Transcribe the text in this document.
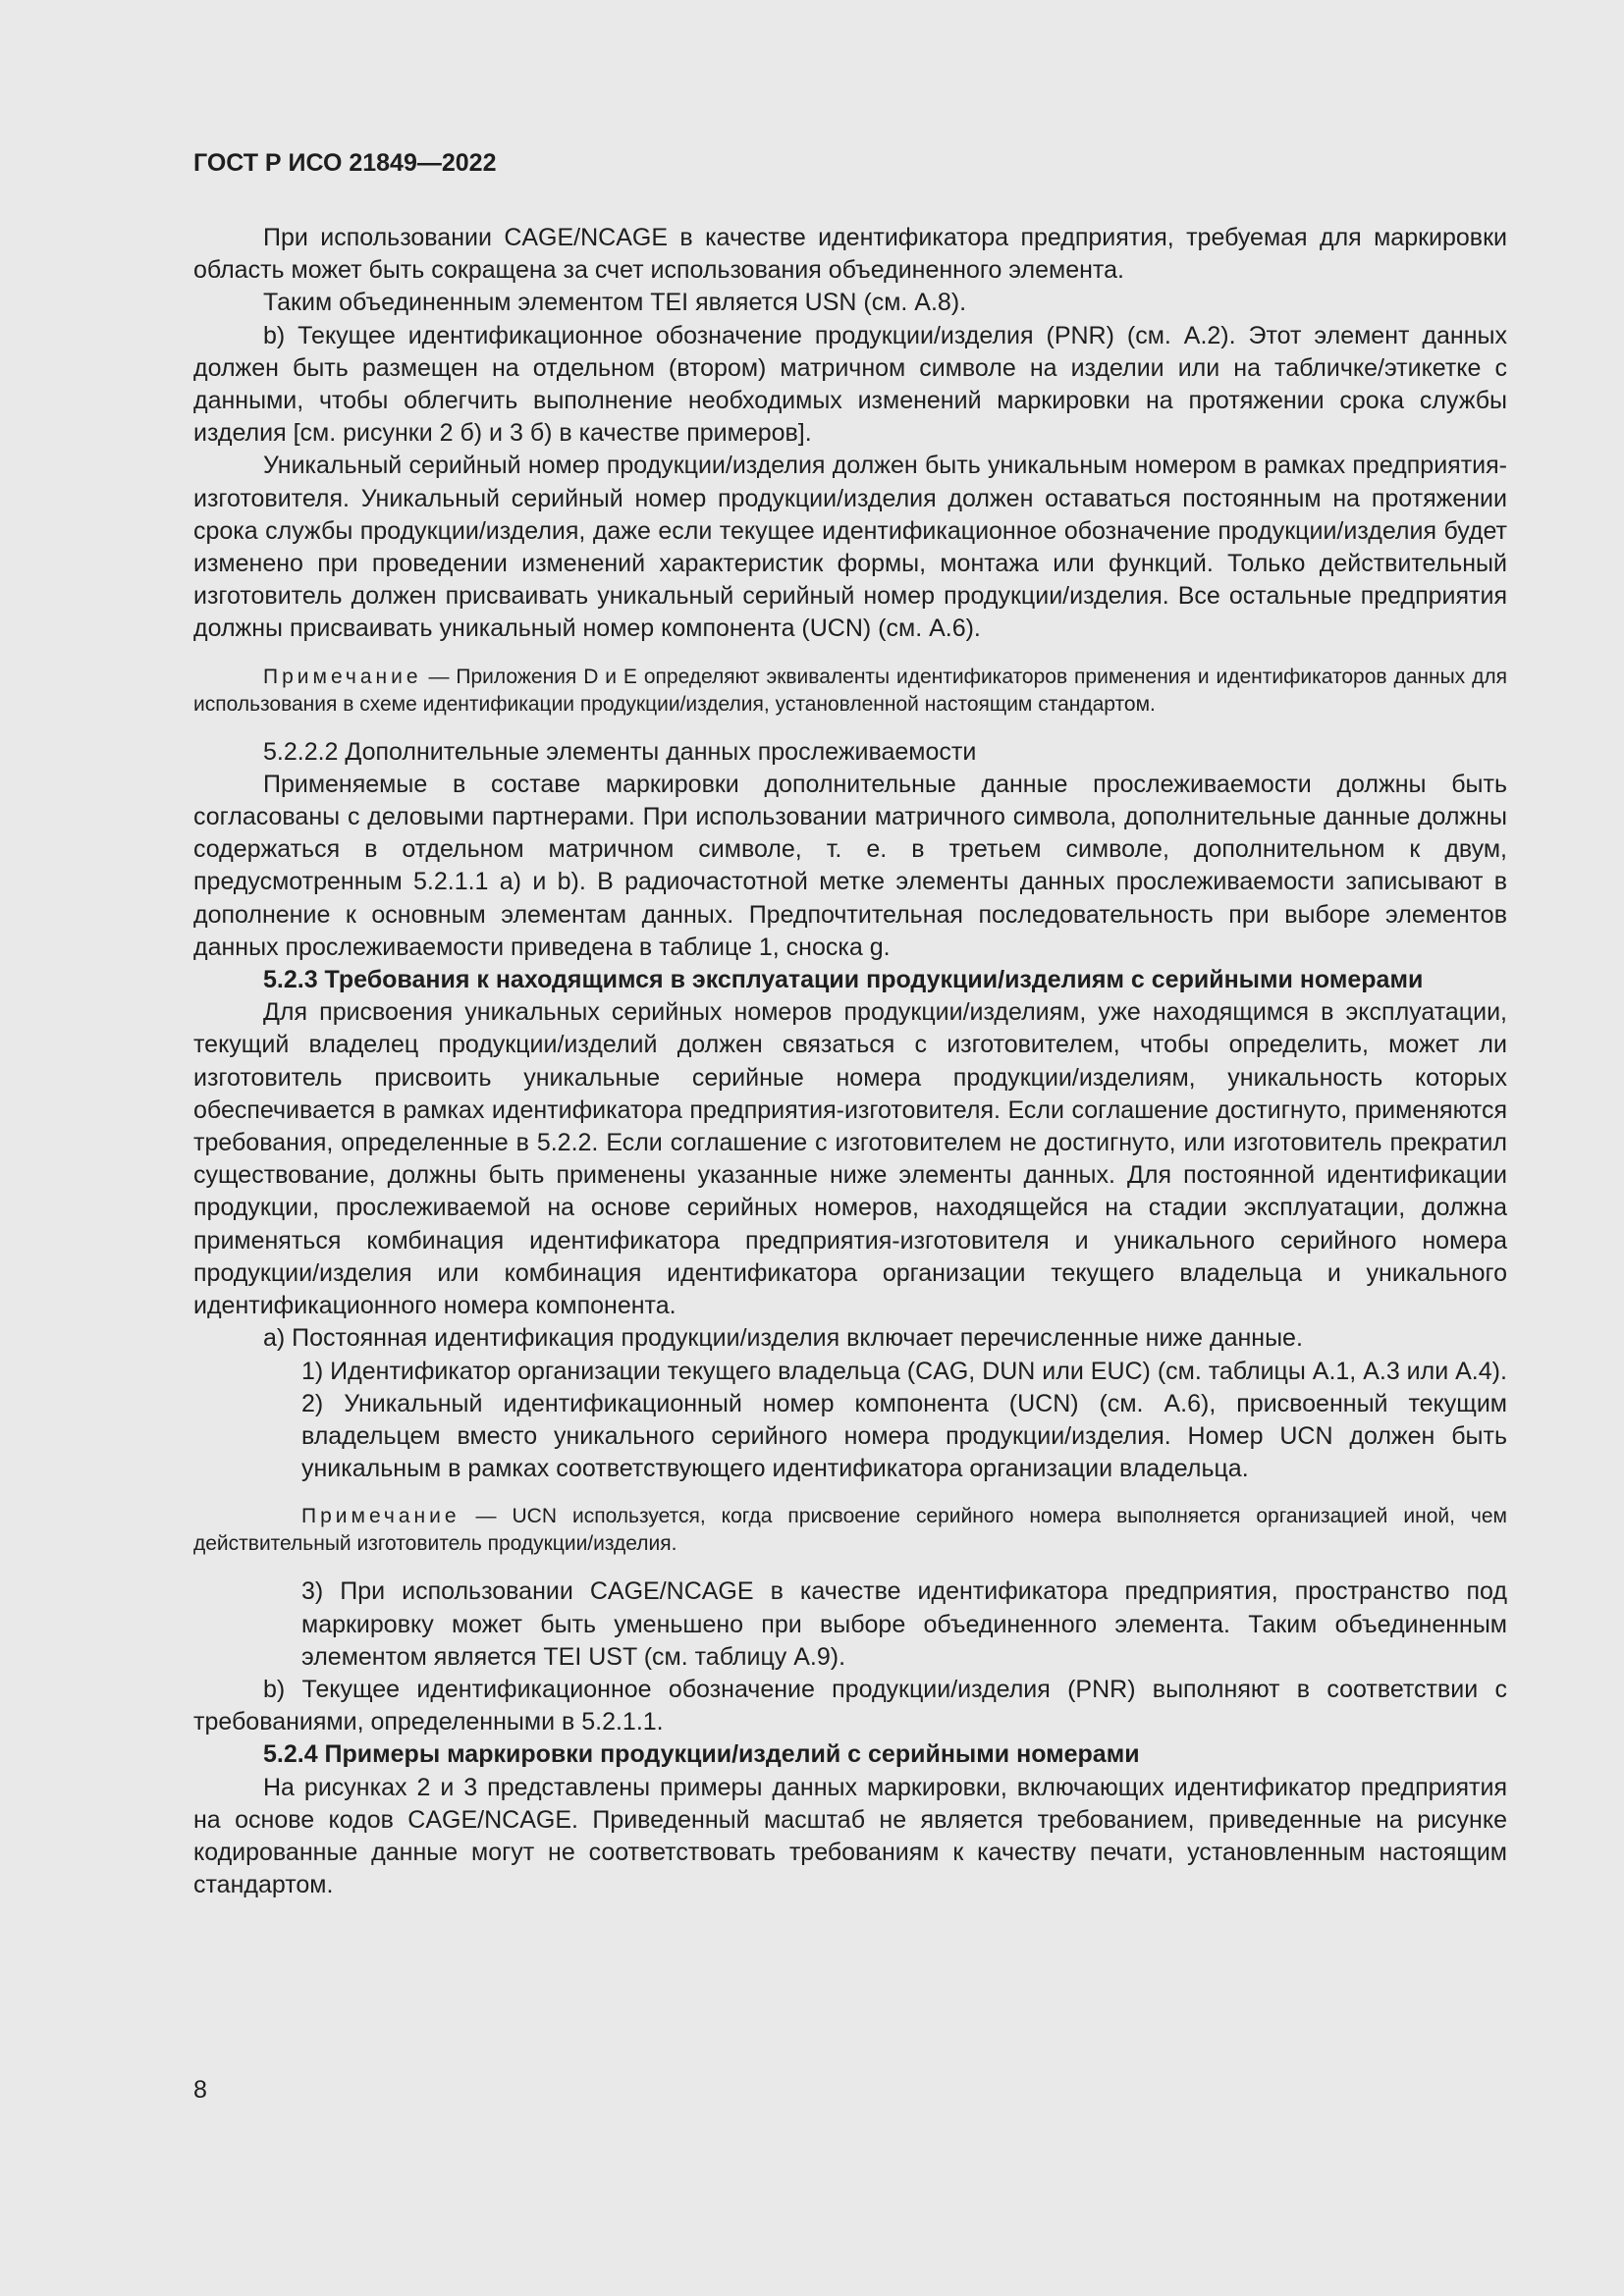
ГОСТ Р ИСО 21849—2022

При использовании CAGE/NCAGE в качестве идентификатора предприятия, требуемая для маркировки область может быть сокращена за счет использования объединенного элемента.

Таким объединенным элементом TEI является USN (см. А.8).

b) Текущее идентификационное обозначение продукции/изделия (PNR) (см. А.2). Этот элемент данных должен быть размещен на отдельном (втором) матричном символе на изделии или на табличке/этикетке с данными, чтобы облегчить выполнение необходимых изменений маркировки на протяжении срока службы изделия [см. рисунки 2 б) и 3 б) в качестве примеров].

Уникальный серийный номер продукции/изделия должен быть уникальным номером в рамках предприятия-изготовителя. Уникальный серийный номер продукции/изделия должен оставаться постоянным на протяжении срока службы продукции/изделия, даже если текущее идентификационное обозначение продукции/изделия будет изменено при проведении изменений характеристик формы, монтажа или функций. Только действительный изготовитель должен присваивать уникальный серийный номер продукции/изделия. Все остальные предприятия должны присваивать уникальный номер компонента (UCN) (см. А.6).

Примечание — Приложения D и E определяют эквиваленты идентификаторов применения и идентификаторов данных для использования в схеме идентификации продукции/изделия, установленной настоящим стандартом.

5.2.2.2 Дополнительные элементы данных прослеживаемости

Применяемые в составе маркировки дополнительные данные прослеживаемости должны быть согласованы с деловыми партнерами. При использовании матричного символа, дополнительные данные должны содержаться в отдельном матричном символе, т. е. в третьем символе, дополнительном к двум, предусмотренным 5.2.1.1 а) и b). В радиочастотной метке элементы данных прослеживаемости записывают в дополнение к основным элементам данных. Предпочтительная последовательность при выборе элементов данных прослеживаемости приведена в таблице 1, сноска g.

5.2.3 Требования к находящимся в эксплуатации продукции/изделиям с серийными номерами

Для присвоения уникальных серийных номеров продукции/изделиям, уже находящимся в эксплуатации, текущий владелец продукции/изделий должен связаться с изготовителем, чтобы определить, может ли изготовитель присвоить уникальные серийные номера продукции/изделиям, уникальность которых обеспечивается в рамках идентификатора предприятия-изготовителя. Если соглашение достигнуто, применяются требования, определенные в 5.2.2. Если соглашение с изготовителем не достигнуто, или изготовитель прекратил существование, должны быть применены указанные ниже элементы данных. Для постоянной идентификации продукции, прослеживаемой на основе серийных номеров, находящейся на стадии эксплуатации, должна применяться комбинация идентификатора предприятия-изготовителя и уникального серийного номера продукции/изделия или комбинация идентификатора организации текущего владельца и уникального идентификационного номера компонента.

а) Постоянная идентификация продукции/изделия включает перечисленные ниже данные.

1) Идентификатор организации текущего владельца (CAG, DUN или EUC) (см. таблицы А.1, А.3 или А.4).

2) Уникальный идентификационный номер компонента (UCN) (см. А.6), присвоенный текущим владельцем вместо уникального серийного номера продукции/изделия. Номер UCN должен быть уникальным в рамках соответствующего идентификатора организации владельца.

Примечание — UCN используется, когда присвоение серийного номера выполняется организацией иной, чем действительный изготовитель продукции/изделия.

3) При использовании CAGE/NCAGE в качестве идентификатора предприятия, пространство под маркировку может быть уменьшено при выборе объединенного элемента. Таким объединенным элементом является TEI UST (см. таблицу А.9).

b) Текущее идентификационное обозначение продукции/изделия (PNR) выполняют в соответствии с требованиями, определенными в 5.2.1.1.

5.2.4 Примеры маркировки продукции/изделий с серийными номерами

На рисунках 2 и 3 представлены примеры данных маркировки, включающих идентификатор предприятия на основе кодов CAGE/NCAGE. Приведенный масштаб не является требованием, приведенные на рисунке кодированные данные могут не соответствовать требованиям к качеству печати, установленным настоящим стандартом.

8
